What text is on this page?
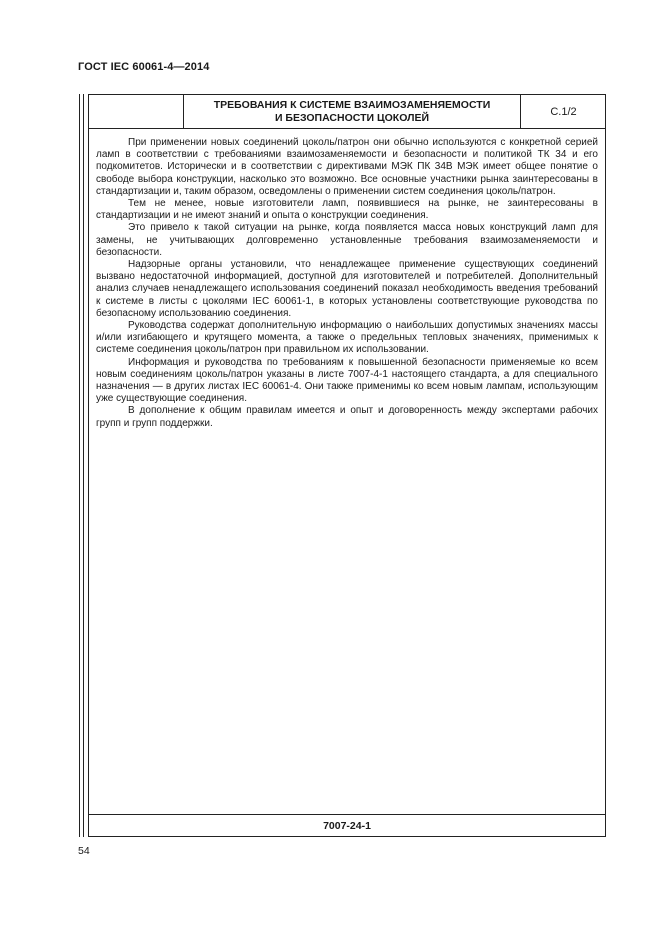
ГОСТ IEC 60061-4—2014
ТРЕБОВАНИЯ К СИСТЕМЕ ВЗАИМОЗАМЕНЯЕМОСТИ
И БЕЗОПАСНОСТИ ЦОКОЛЕЙ	С.1/2

При применении новых соединений цоколь/патрон они обычно используются с конкретной серией ламп в соответствии с требованиями взаимозаменяемости и безопасности и политикой ТК 34 и его подкомитетов. Исторически и в соответствии с директивами МЭК ПК 34В МЭК имеет общее понятие о свободе выбора конструкции, насколько это возможно. Все основные участники рынка заинтересованы в стандартизации и, таким образом, осведомлены о применении систем соединения цоколь/патрон.

Тем не менее, новые изготовители ламп, появившиеся на рынке, не заинтересованы в стандартизации и не имеют знаний и опыта о конструкции соединения.

Это привело к такой ситуации на рынке, когда появляется масса новых конструкций ламп для замены, не учитывающих долговременно установленные требования взаимозаменяемости и безопасности.

Надзорные органы установили, что ненадлежащее применение существующих соединений вызвано недостаточной информацией, доступной для изготовителей и потребителей. Дополнительный анализ случаев ненадлежащего использования соединений показал необходимость введения требований к системе в листы с цоколями IEC 60061-1, в которых установлены соответствующие руководства по безопасному использованию соединения.

Руководства содержат дополнительную информацию о наибольших допустимых значениях массы и/или изгибающего и крутящего момента, а также о предельных тепловых значениях, применимых к системе соединения цоколь/патрон при правильном их использовании.

Информация и руководства по требованиям к повышенной безопасности применяемые ко всем новым соединениям цоколь/патрон указаны в листе 7007-4-1 настоящего стандарта, а для специального назначения — в других листах IEC 60061-4. Они также применимы ко всем новым лампам, использующим уже существующие соединения.

В дополнение к общим правилам имеется и опыт и договоренность между экспертами рабочих групп и групп поддержки.

7007-24-1
54
